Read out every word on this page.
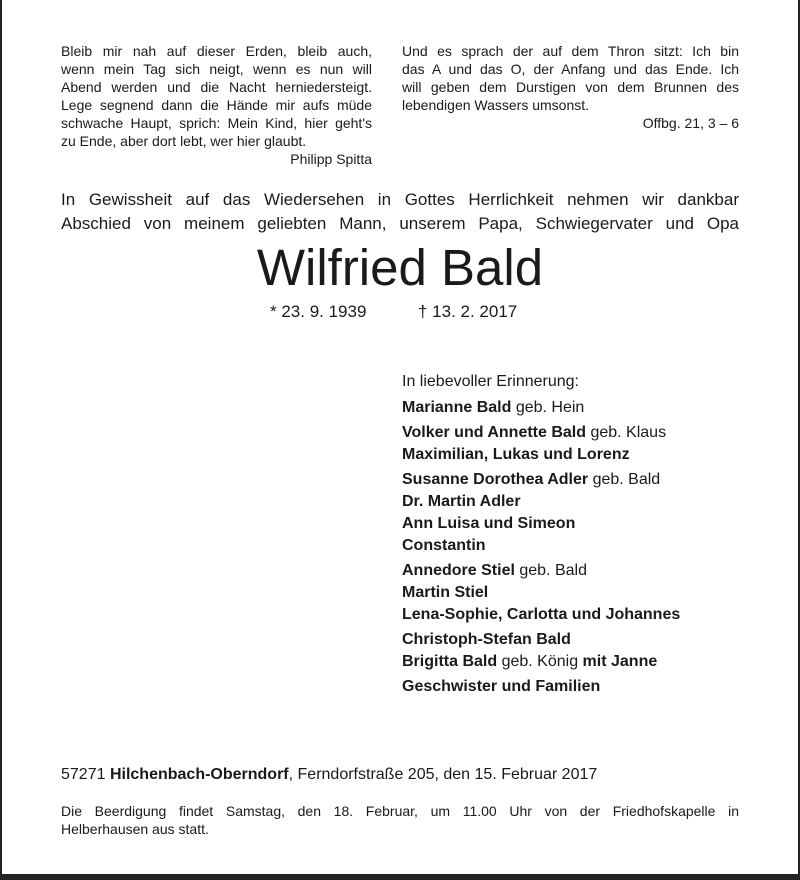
Bleib mir nah auf dieser Erden, bleib auch,
wenn mein Tag sich neigt, wenn es nun will
Abend werden und die Nacht herniedersteigt.
Lege segnend dann die Hände mir aufs müde
schwache Haupt, sprich: Mein Kind, hier geht's
zu Ende, aber dort lebt, wer hier glaubt.
Philipp Spitta
Und es sprach der auf dem Thron sitzt: Ich bin
das A und das O, der Anfang und das Ende. Ich
will geben dem Durstigen von dem Brunnen des
lebendigen Wassers umsonst.
Offbg. 21, 3 – 6
In Gewissheit auf das Wiedersehen in Gottes Herrlichkeit nehmen wir dankbar
Abschied von meinem geliebten Mann, unserem Papa, Schwiegervater und Opa
Wilfried Bald
* 23. 9. 1939	† 13. 2. 2017
In liebevoller Erinnerung:
Marianne Bald geb. Hein
Volker und Annette Bald geb. Klaus
Maximilian, Lukas und Lorenz
Susanne Dorothea Adler geb. Bald
Dr. Martin Adler
Ann Luisa und Simeon
Constantin
Annedore Stiel geb. Bald
Martin Stiel
Lena-Sophie, Carlotta und Johannes
Christoph-Stefan Bald
Brigitta Bald geb. König mit Janne
Geschwister und Familien
57271 Hilchenbach-Oberndorf, Ferndorfstraße 205, den 15. Februar 2017
Die Beerdigung findet Samstag, den 18. Februar, um 11.00 Uhr von der Friedhofskapelle in
Helberhausen aus statt.
